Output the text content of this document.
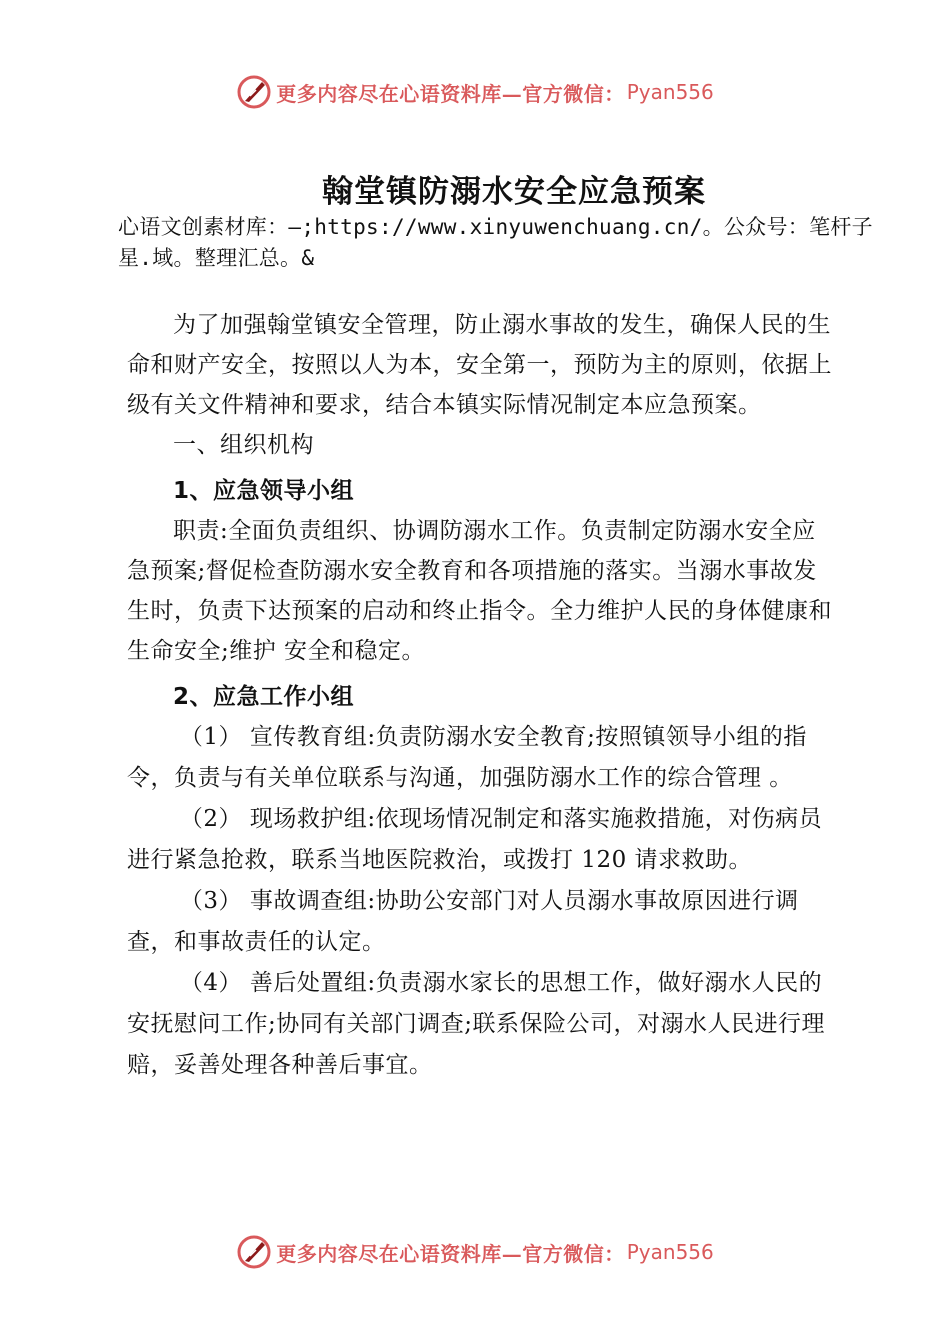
更多内容尽在心语资料库—官方微信： Pyan556
翰堂镇防溺水安全应急预案
心语文创素材库：—;https://www.xinyuwenchuang.cn/。公众号：笔杆子星.域。整理汇总。&

为了加强翰堂镇安全管理，防止溺水事故的发生，确保人民的生命和财产安全，按照以人为本，安全第一，预防为主的原则，依据上级有关文件精神和要求，结合本镇实际情况制定本应急预案。

一、组织机构

1、应急领导小组

职责:全面负责组织、协调防溺水工作。负责制定防溺水安全应急预案;督促检查防溺水安全教育和各项措施的落实。当溺水事故发生时，负责下达预案的启动和终止指令。全力维护人民的身体健康和生命安全;维护 安全和稳定。

2、应急工作小组

（1） 宣传教育组:负责防溺水安全教育;按照镇领导小组的指令，负责与有关单位联系与沟通，加强防溺水工作的综合管理 。

（2） 现场救护组:依现场情况制定和落实施救措施，对伤病员进行紧急抢救，联系当地医院救治，或拨打 120 请求救助。

（3） 事故调查组:协助公安部门对人员溺水事故原因进行调查，和事故责任的认定。

（4） 善后处置组:负责溺水家长的思想工作，做好溺水人民的安抚慰问工作;协同有关部门调查;联系保险公司，对溺水人民进行理赔，妥善处理各种善后事宜。

更多内容尽在心语资料库—官方微信： Pyan556
